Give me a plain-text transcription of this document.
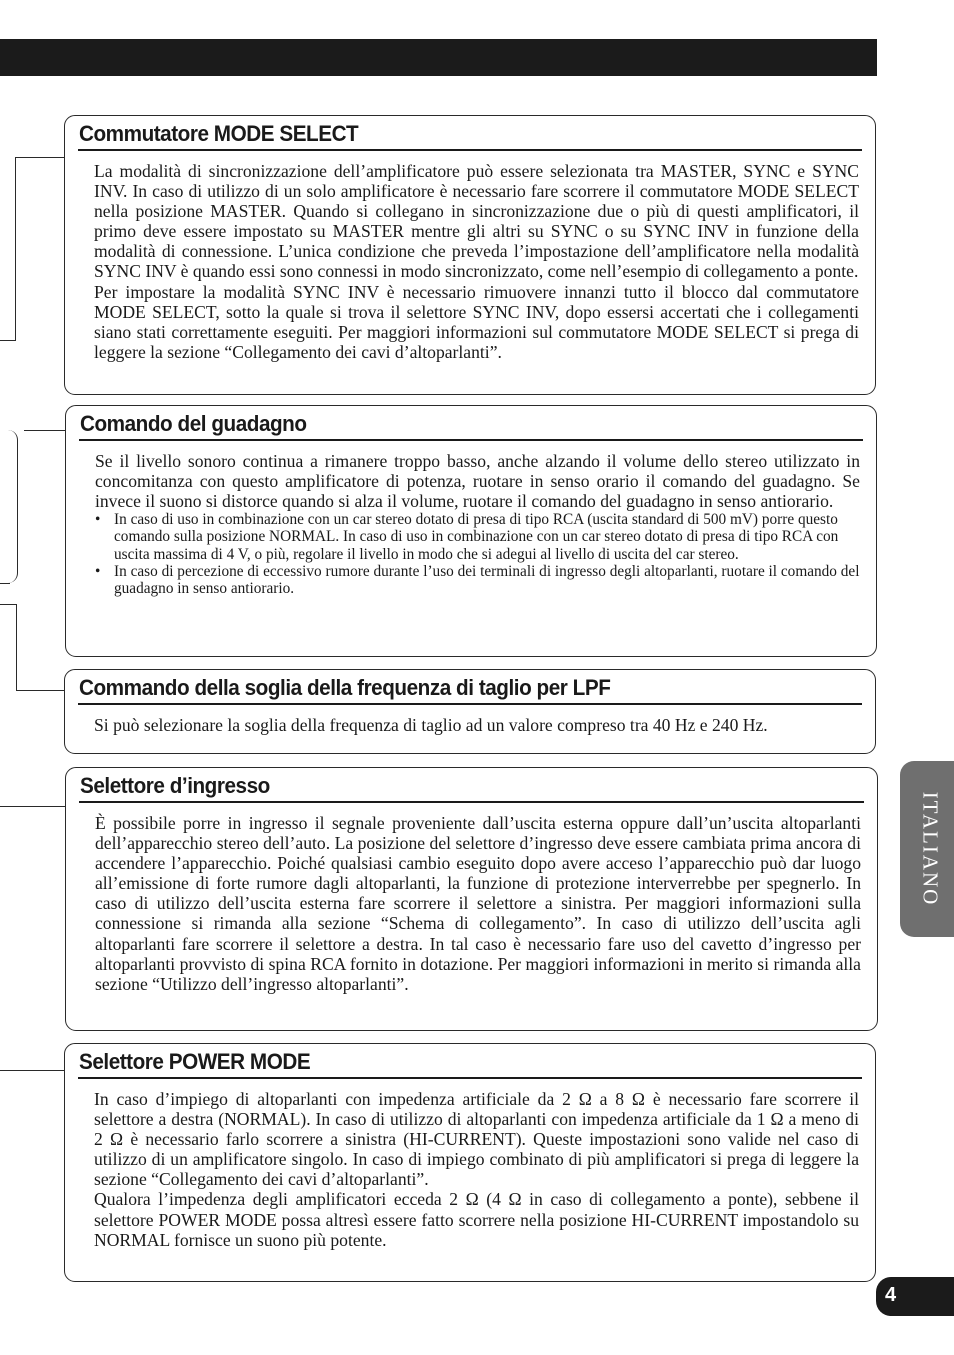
Commutatore MODE SELECT

La modalità di sincronizzazione dell’amplificatore può essere selezionata tra MASTER, SYNC e SYNC INV. In caso di utilizzo di un solo amplificatore è necessario fare scorrere il commutatore MODE SELECT nella posizione MASTER. Quando si collegano in sincronizzazione due o più di questi amplificatori, il primo deve essere impostato su MASTER mentre gli altri su SYNC o su SYNC INV in funzione della modalità di connessione. L’unica condizione che preveda l’impostazione dell’amplificatore nella modalità SYNC INV è quando essi sono connessi in modo sincronizzato, come nell’esempio di collegamento a ponte.

Per impostare la modalità SYNC INV è necessario rimuovere innanzi tutto il blocco dal commutatore MODE SELECT, sotto la quale si trova il selettore SYNC INV, dopo essersi accertati che i collegamenti siano stati correttamente eseguiti. Per maggiori informazioni sul commutatore MODE SELECT si prega di leggere la sezione “Collegamento dei cavi d’altoparlanti”.

Comando del guadagno

Se il livello sonoro continua a rimanere troppo basso, anche alzando il volume dello stereo utilizzato in concomitanza con questo amplificatore di potenza, ruotare in senso orario il comando del guadagno. Se invece il suono si distorce quando si alza il volume, ruotare il comando del guadagno in senso antiorario.

• In caso di uso in combinazione con un car stereo dotato di presa di tipo RCA (uscita standard di 500 mV) porre questo comando sulla posizione NORMAL. In caso di uso in combinazione con un car stereo dotato di presa di tipo RCA con uscita massima di 4 V, o più, regolare il livello in modo che si adegui al livello di uscita del car stereo.
• In caso di percezione di eccessivo rumore durante l’uso dei terminali di ingresso degli altoparlanti, ruotare il comando del guadagno in senso antiorario.
Commando della soglia della frequenza di taglio per LPF

Si può selezionare la soglia della frequenza di taglio ad un valore compreso tra 40 Hz e 240 Hz.

Selettore d’ingresso

È possibile porre in ingresso il segnale proveniente dall’uscita esterna oppure dall’un’uscita altoparlanti dell’apparecchio stereo dell’auto. La posizione del selettore d’ingresso deve essere cambiata prima ancora di accendere l’apparecchio. Poiché qualsiasi cambio eseguito dopo avere acceso l’apparecchio può dar luogo all’emissione di forte rumore dagli altoparlanti, la funzione di protezione interverrebbe per spegnerlo. In caso di utilizzo dell’uscita esterna fare scorrere il selettore a sinistra. Per maggiori informazioni sulla connessione si rimanda alla sezione “Schema di collegamento”. In caso di utilizzo dell’uscita agli altoparlanti fare scorrere il selettore a destra. In tal caso è necessario fare uso del cavetto d’ingresso per altoparlanti provvisto di spina RCA fornito in dotazione. Per maggiori informazioni in merito si rimanda alla sezione “Utilizzo dell’ingresso altoparlanti”.

Selettore POWER MODE

In caso d’impiego di altoparlanti con impedenza artificiale da 2 Ω a 8 Ω è necessario fare scorrere il selettore a destra (NORMAL). In caso di utilizzo di altoparlanti con impedenza artificiale da 1 Ω a meno di 2 Ω è necessario farlo scorrere a sinistra (HI-CURRENT). Queste impostazioni sono valide nel caso di utilizzo di un amplificatore singolo. In caso di impiego combinato di più amplificatori si prega di leggere la sezione “Collegamento dei cavi d’altoparlanti”.

Qualora l’impedenza degli amplificatori ecceda 2 Ω (4 Ω in caso di collegamento a ponte), sebbene il selettore POWER MODE possa altresì essere fatto scorrere nella posizione HI-CURRENT impostandolo su NORMAL fornisce un suono più potente.

ITALIANO
4
